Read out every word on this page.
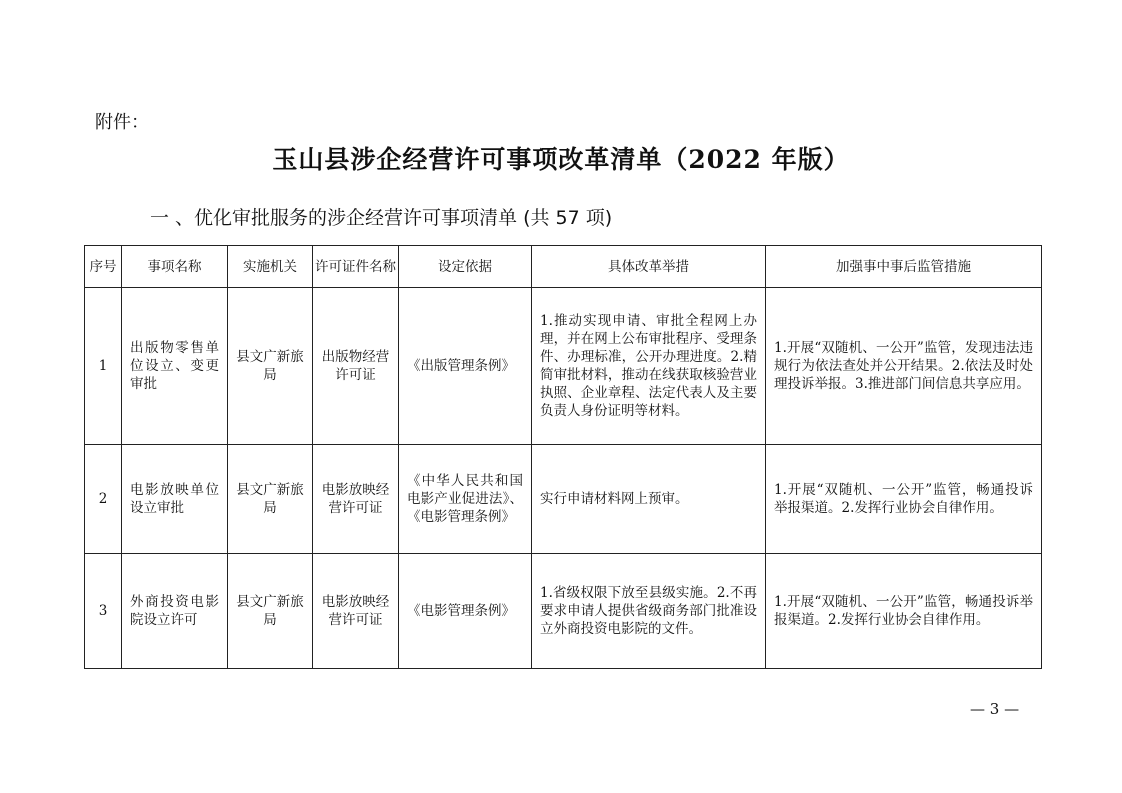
附件：
玉山县涉企经营许可事项改革清单（2022 年版）
一 、优化审批服务的涉企经营许可事项清单 (共 57 项)
序号	事项名称	实施机关	许可证件名称	设定依据	具体改革举措	加强事中事后监管措施
1	出版物零售单位设立、变更审批	县文广新旅局	出版物经营许可证	《出版管理条例》	1.推动实现申请、审批全程网上办理，并在网上公布审批程序、受理条件、办理标准，公开办理进度。2.精简审批材料，推动在线获取核验营业执照、企业章程、法定代表人及主要负责人身份证明等材料。	1.开展“双随机、一公开”监管，发现违法违规行为依法查处并公开结果。2.依法及时处理投诉举报。3.推进部门间信息共享应用。
2	电影放映单位设立审批	县文广新旅局	电影放映经营许可证	《中华人民共和国电影产业促进法》、《电影管理条例》	实行申请材料网上预审。	1.开展“双随机、一公开”监管，畅通投诉 举报渠道。2.发挥行业协会自律作用。
3	外商投资电影院设立许可	县文广新旅局	电影放映经营许可证	《电影管理条例》	1.省级权限下放至县级实施。2.不再要求申请人提供省级商务部门批准设立外商投资电影院的文件。	1.开展“双随机、一公开”监管，畅通投诉举报渠道。2.发挥行业协会自律作用。
— 3 —
